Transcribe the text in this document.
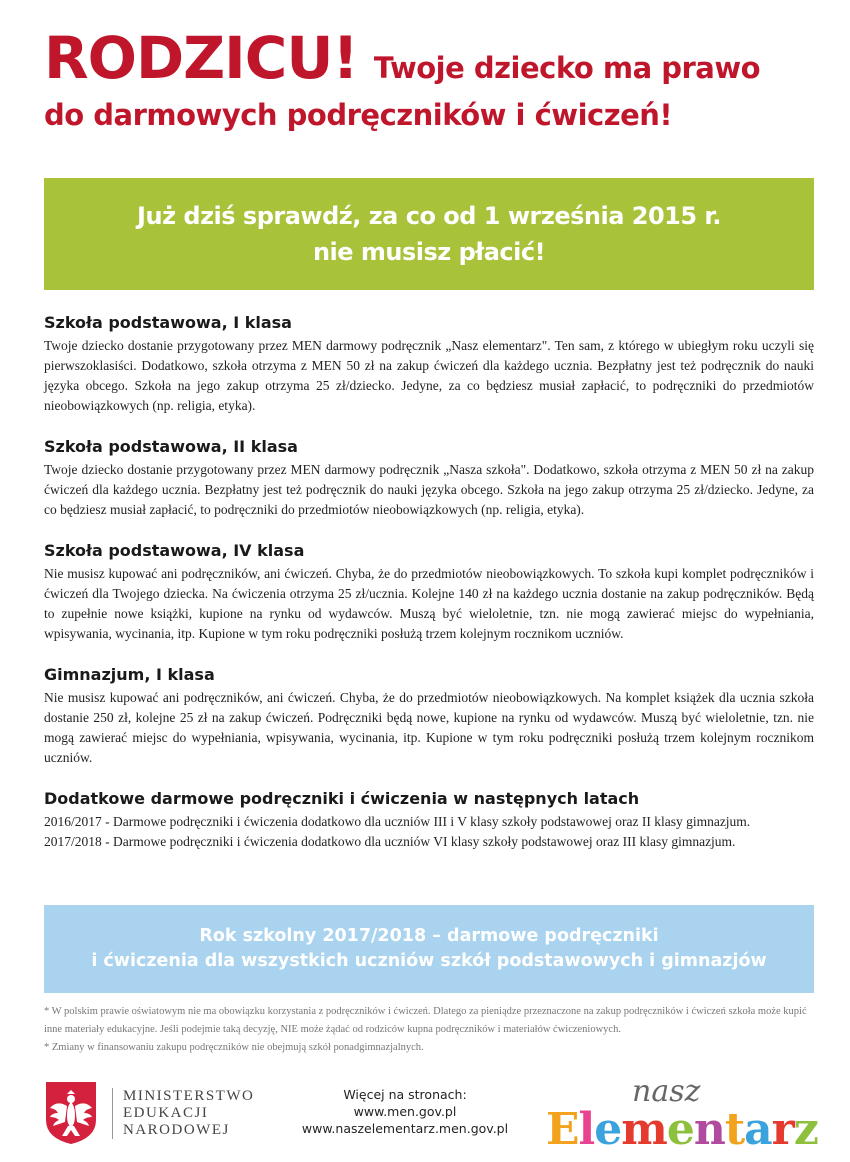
RODZICU! Twoje dziecko ma prawo
do darmowych podręczników i ćwiczeń!
Już dziś sprawdź, za co od 1 września 2015 r.
nie musisz płacić!
Szkoła podstawowa, I klasa

Twoje dziecko dostanie przygotowany przez MEN darmowy podręcznik „Nasz elementarz". Ten sam, z którego w ubiegłym roku uczyli się pierwszoklasiści. Dodatkowo, szkoła otrzyma z MEN 50 zł na zakup ćwiczeń dla każdego ucznia. Bezpłatny jest też podręcznik do nauki języka obcego. Szkoła na jego zakup otrzyma 25 zł/dziecko. Jedyne, za co będziesz musiał zapłacić, to podręczniki do przedmiotów nieobowiązkowych (np. religia, etyka).

Szkoła podstawowa, II klasa

Twoje dziecko dostanie przygotowany przez MEN darmowy podręcznik „Nasza szkoła". Dodatkowo, szkoła otrzyma z MEN 50 zł na zakup ćwiczeń dla każdego ucznia. Bezpłatny jest też podręcznik do nauki języka obcego. Szkoła na jego zakup otrzyma 25 zł/dziecko. Jedyne, za co będziesz musiał zapłacić, to podręczniki do przedmiotów nieobowiązkowych (np. religia, etyka).

Szkoła podstawowa, IV klasa

Nie musisz kupować ani podręczników, ani ćwiczeń. Chyba, że do przedmiotów nieobowiązkowych. To szkoła kupi komplet podręczników i ćwiczeń dla Twojego dziecka. Na ćwiczenia otrzyma 25 zł/ucznia. Kolejne 140 zł na każdego ucznia dostanie na zakup podręczników. Będą to zupełnie nowe książki, kupione na rynku od wydawców. Muszą być wieloletnie, tzn. nie mogą zawierać miejsc do wypełniania, wpisywania, wycinania, itp. Kupione w tym roku podręczniki posłużą trzem kolejnym rocznikom uczniów.

Gimnazjum, I klasa

Nie musisz kupować ani podręczników, ani ćwiczeń. Chyba, że do przedmiotów nieobowiązkowych. Na komplet książek dla ucznia szkoła dostanie 250 zł, kolejne 25 zł na zakup ćwiczeń. Podręczniki będą nowe, kupione na rynku od wydawców. Muszą być wieloletnie, tzn. nie mogą zawierać miejsc do wypełniania, wpisywania, wycinania, itp. Kupione w tym roku podręczniki posłużą trzem kolejnym rocznikom uczniów.

Dodatkowe darmowe podręczniki i ćwiczenia w następnych latach
2016/2017 - Darmowe podręczniki i ćwiczenia dodatkowo dla uczniów III i V klasy szkoły podstawowej oraz II klasy gimnazjum.
2017/2018 - Darmowe podręczniki i ćwiczenia dodatkowo dla uczniów VI klasy szkoły podstawowej oraz III klasy gimnazjum.
Rok szkolny 2017/2018 – darmowe podręczniki
i ćwiczenia dla wszystkich uczniów szkół podstawowych i gimnazjów
* W polskim prawie oświatowym nie ma obowiązku korzystania z podręczników i ćwiczeń. Dlatego za pieniądze przeznaczone na zakup podręczników i ćwiczeń szkoła może kupić inne materiały edukacyjne. Jeśli podejmie taką decyzję, NIE może żądać od rodziców kupna podręczników i materiałów ćwiczeniowych.
* Zmiany w finansowaniu zakupu podręczników nie obejmują szkół ponadgimnazjalnych.
MINISTERSTWO
EDUKACJI
NARODOWEJ
Więcej na stronach:
www.men.gov.pl
www.naszelementarz.men.gov.pl
nasz
Elementarz
